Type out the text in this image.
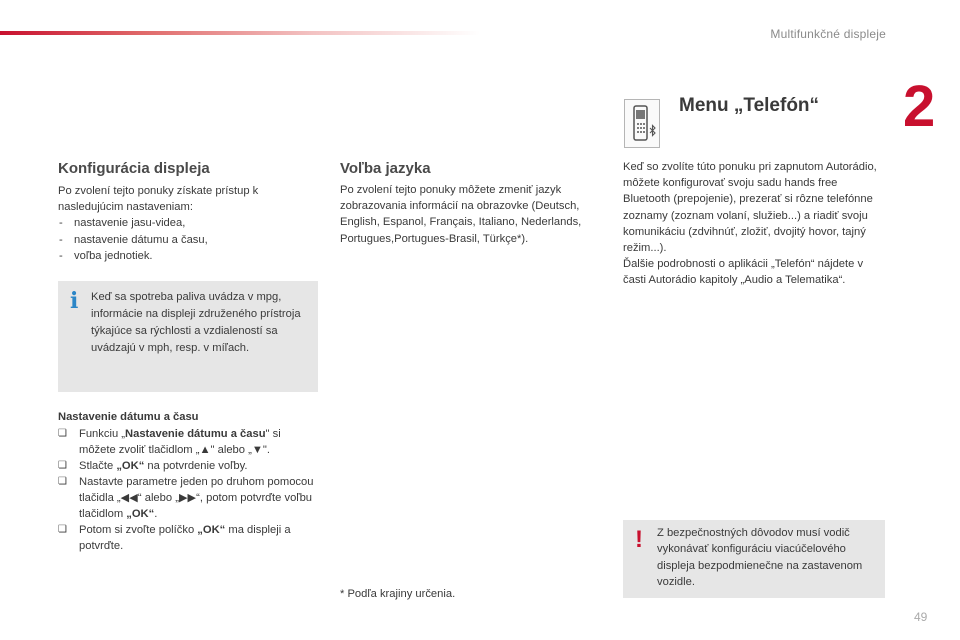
Multifunkčné displeje
2
Konfigurácia displeja
Po zvolení tejto ponuky získate prístup k nasledujúcim nastaveniam:
- nastavenie jasu-videa,
- nastavenie dátumu a času,
- voľba jednotiek.
i Keď sa spotreba paliva uvádza v mpg, informácie na displeji združeného prístroja týkajúce sa rýchlosti a vzdialeností sa uvádzajú v mph, resp. v míľach.

Nastavenie dátumu a času

❏ Funkciu „Nastavenie dátumu a času" si môžete zvoliť tlačidlom „▲" alebo „▼".
❏ Stlačte „OK“ na potvrdenie voľby.
❏ Nastavte parametre jeden po druhom pomocou tlačidla „◀◀“ alebo „▶▶“, potom potvrďte voľbu tlačidlom „OK“.
❏ Potom si zvoľte políčko „OK“ ma displeji a potvrďte.
Voľba jazyka

Po zvolení tejto ponuky môžete zmeniť jazyk zobrazovania informácií na obrazovke (Deutsch, English, Espanol, Français, Italiano, Nederlands, Portugues,Portugues-Brasil, Türkçe*).

* Podľa krajiny určenia.
Menu „Telefón“

Keď so zvolíte túto ponuku pri zapnutom Autorádio, môžete konfigurovať svoju sadu hands free Bluetooth (prepojenie), prezerať si rôzne telefónne zoznamy (zoznam volaní, služieb...) a riadiť svoju komunikáciu (zdvihnúť, zložiť, dvojitý hovor, tajný režim...).

Ďalšie podrobnosti o aplikácii „Telefón“ nájdete v časti Autorádio kapitoly „Audio a Telematika“.

! Z bezpečnostných dôvodov musí vodič vykonávať konfiguráciu viacúčelového displeja bezpodmienečne na zastavenom vozidle.

49
